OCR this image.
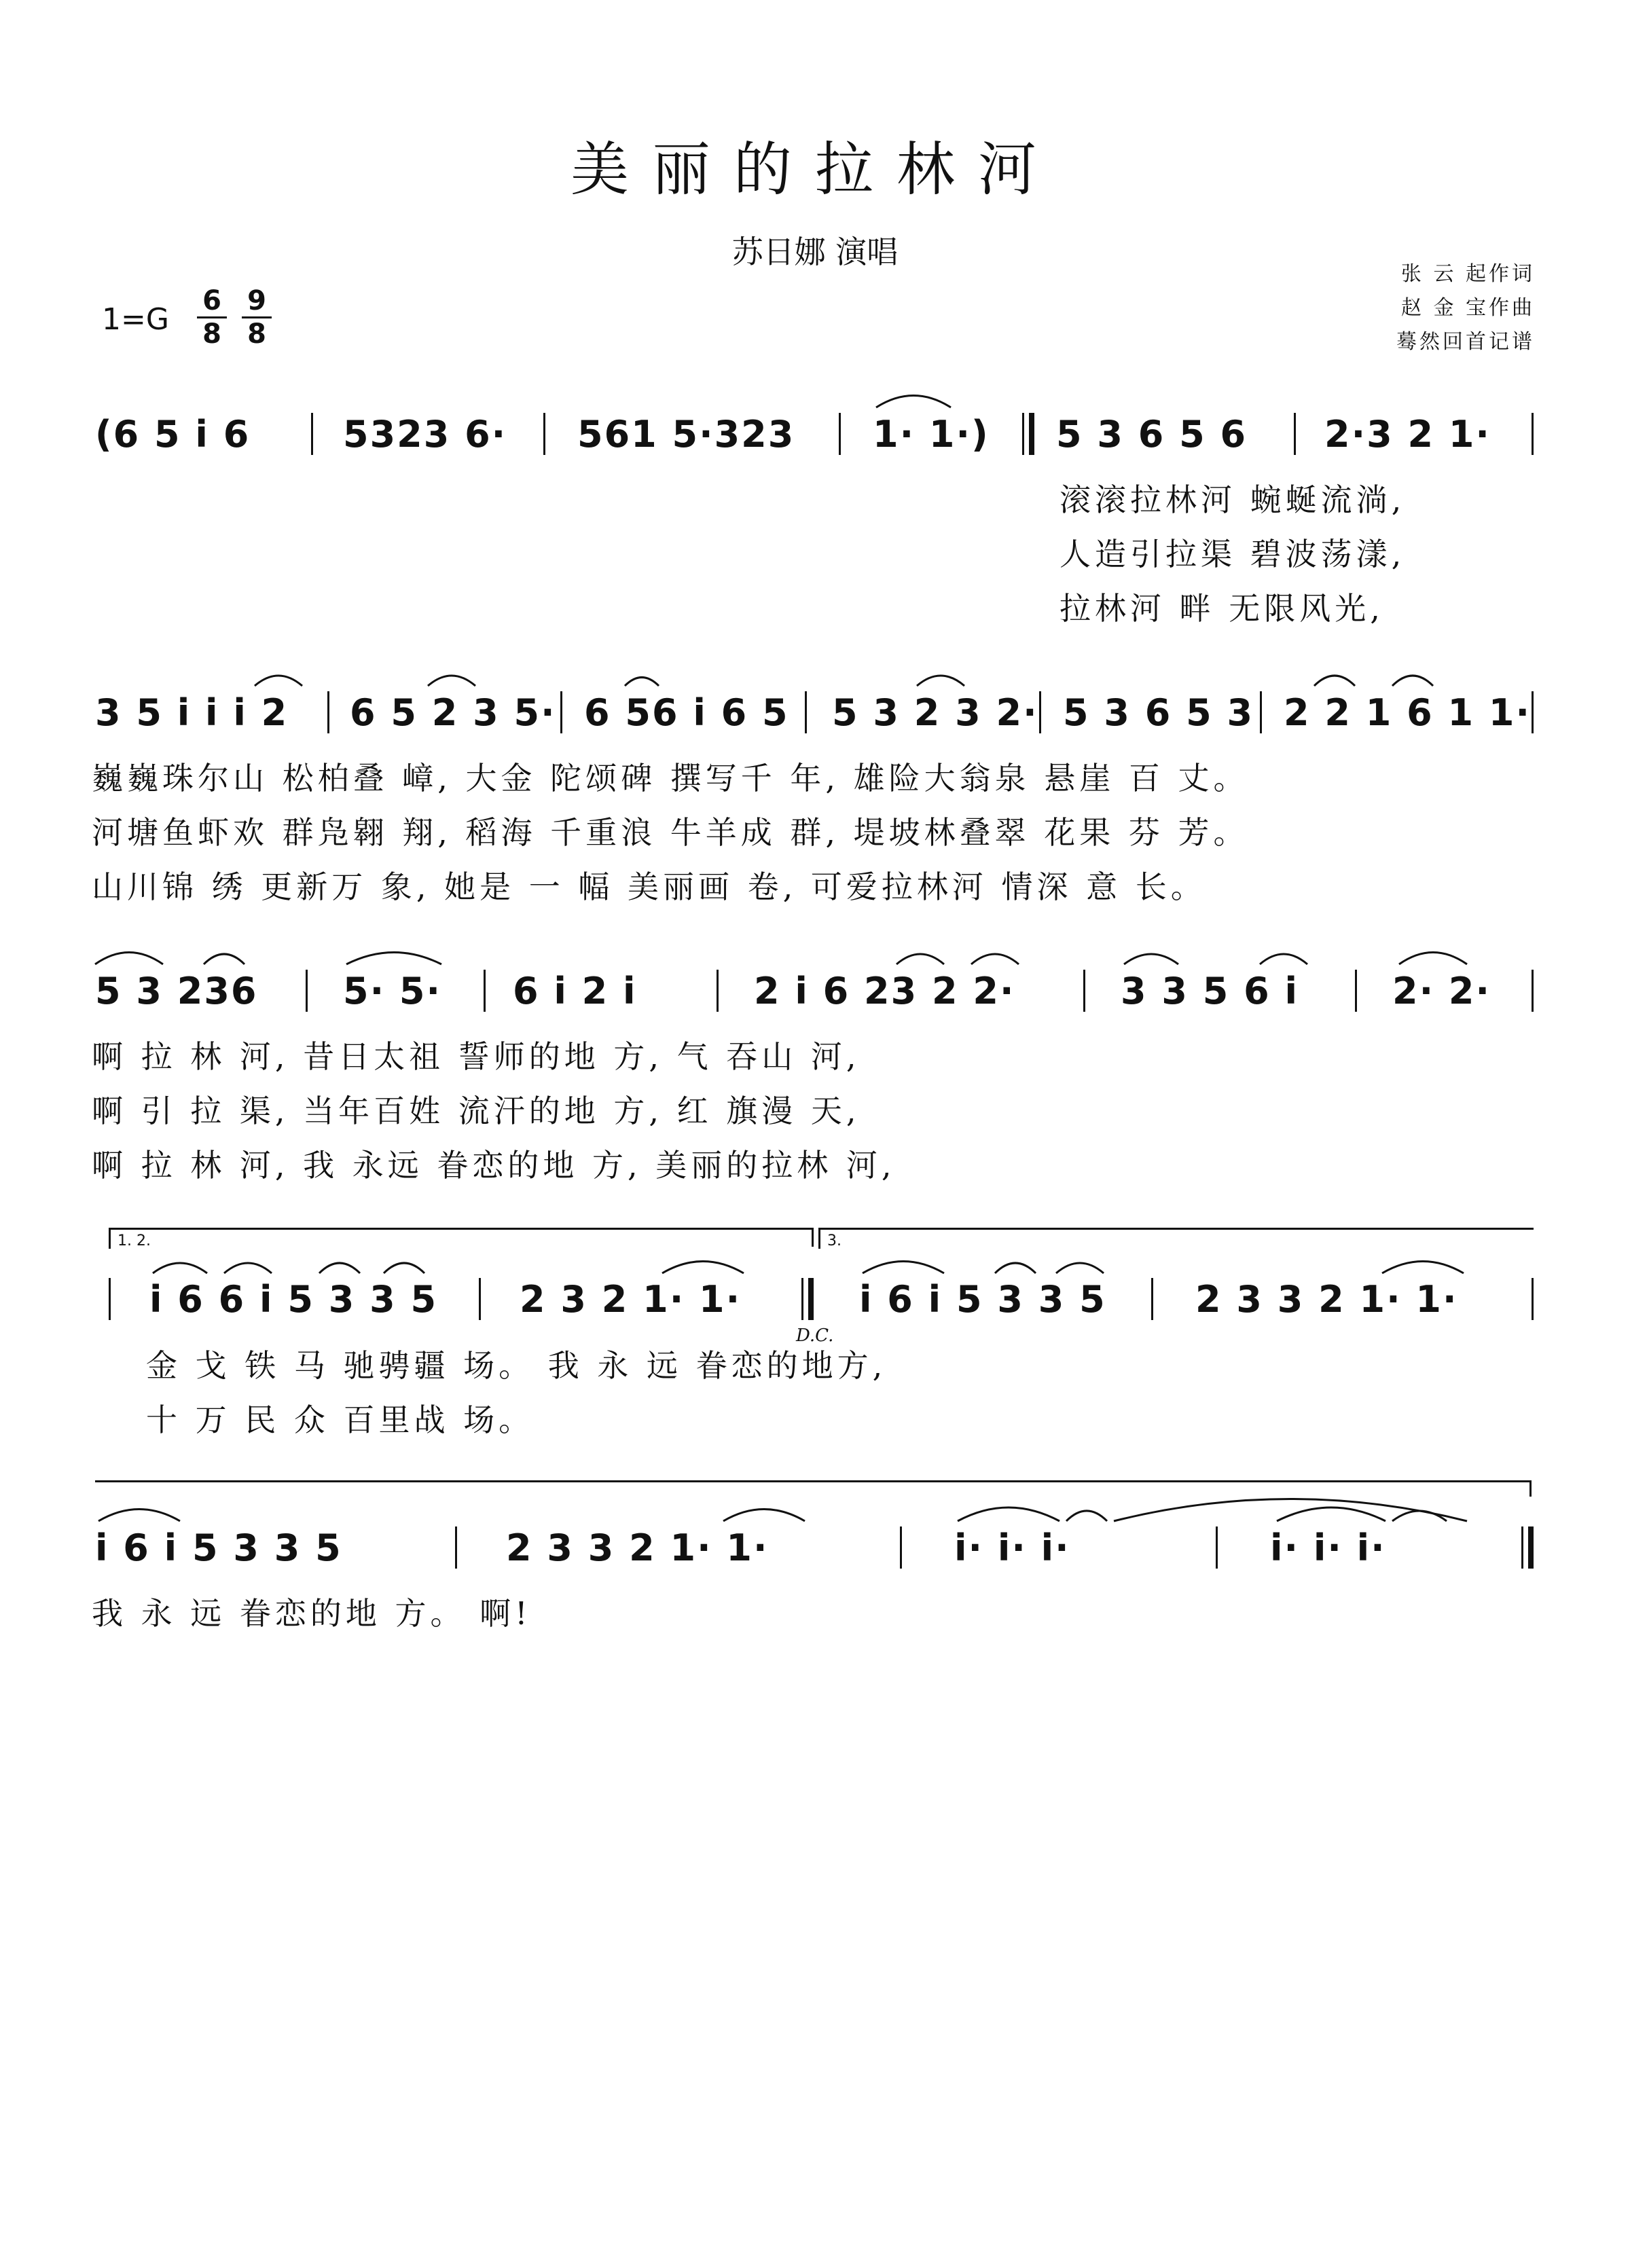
美丽的拉林河
苏日娜 演唱
张 云 起作词
赵 金 宝作曲
蓦然回首记谱
$1=G \frac{6}{8} \frac{9}{8}$
(6 5 i 6	5323 6· 561 5·323 1· 1·) 5 3 6 5 6 2·3 2 1·
滚滚拉林河 蜿蜒流淌,
人造引拉渠 碧波荡漾,
拉林河 畔 无限风光,
3 5 i i i 2 6 5 2 3 5· 6 56 i 6 5 5 3 2 3 2· 5 3 6 5 3 2 2 1 6 1 1·
巍巍珠尔山 松柏叠 嶂, 大金 陀颂碑 撰写千 年, 雄险大翁泉 悬崖 百 丈。
河塘鱼虾欢 群凫翱 翔, 稻海 千重浪 牛羊成 群, 堤坡林叠翠 花果 芬 芳。
山川锦 绣 更新万 象, 她是 一 幅 美丽画 卷, 可爱拉林河 情深 意 长。
5 3 236 5· 5· 6 i 2 i	2 i 6 23 2 2·	3 3 5 6 i	2· 2·
啊 拉 林 河, 昔日太祖 誓师的地 方, 气 吞山 河,
啊 引 拉 渠, 当年百姓 流汗的地 方, 红 旗漫 天,
啊 拉 林 河, 我 永远 眷恋的地 方, 美丽的拉林 河,
1. 2.	3.
i 6 6 i 5 3 3 5 2 3 2 1· 1·
D.C.
i 6 i 5 3 3 5 2 3 3 2 1· 1·
金 戈 铁 马 驰骋疆 场。 我 永 远 眷恋的地方,
十 万 民 众 百里战 场。
i 6 i 5 3 3 5	2 3 3 2 1· 1·	i· i· i·	i· i· i·
我 永 远 眷恋的地 方。 啊!
